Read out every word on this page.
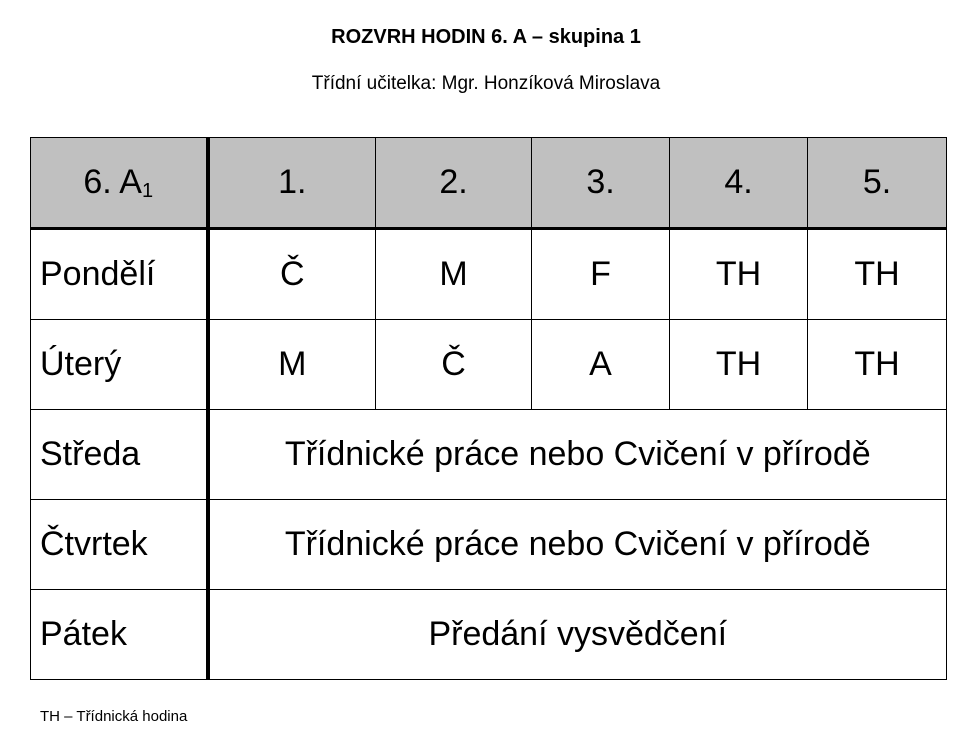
ROZVRH HODIN 6. A – skupina 1
Třídní učitelka: Mgr. Honzíková Miroslava
6. $A_1$	1.	2.	3.	4.	5.
Pondělí	Č	M	F	TH	TH
Úterý	M	Č	A	TH	TH
Středa	Třídnické práce nebo Cvičení v přírodě				
Čtvrtek	Třídnické práce nebo Cvičení v přírodě				
Pátek	Předání vysvědčení				
TH – Třídnická hodina
